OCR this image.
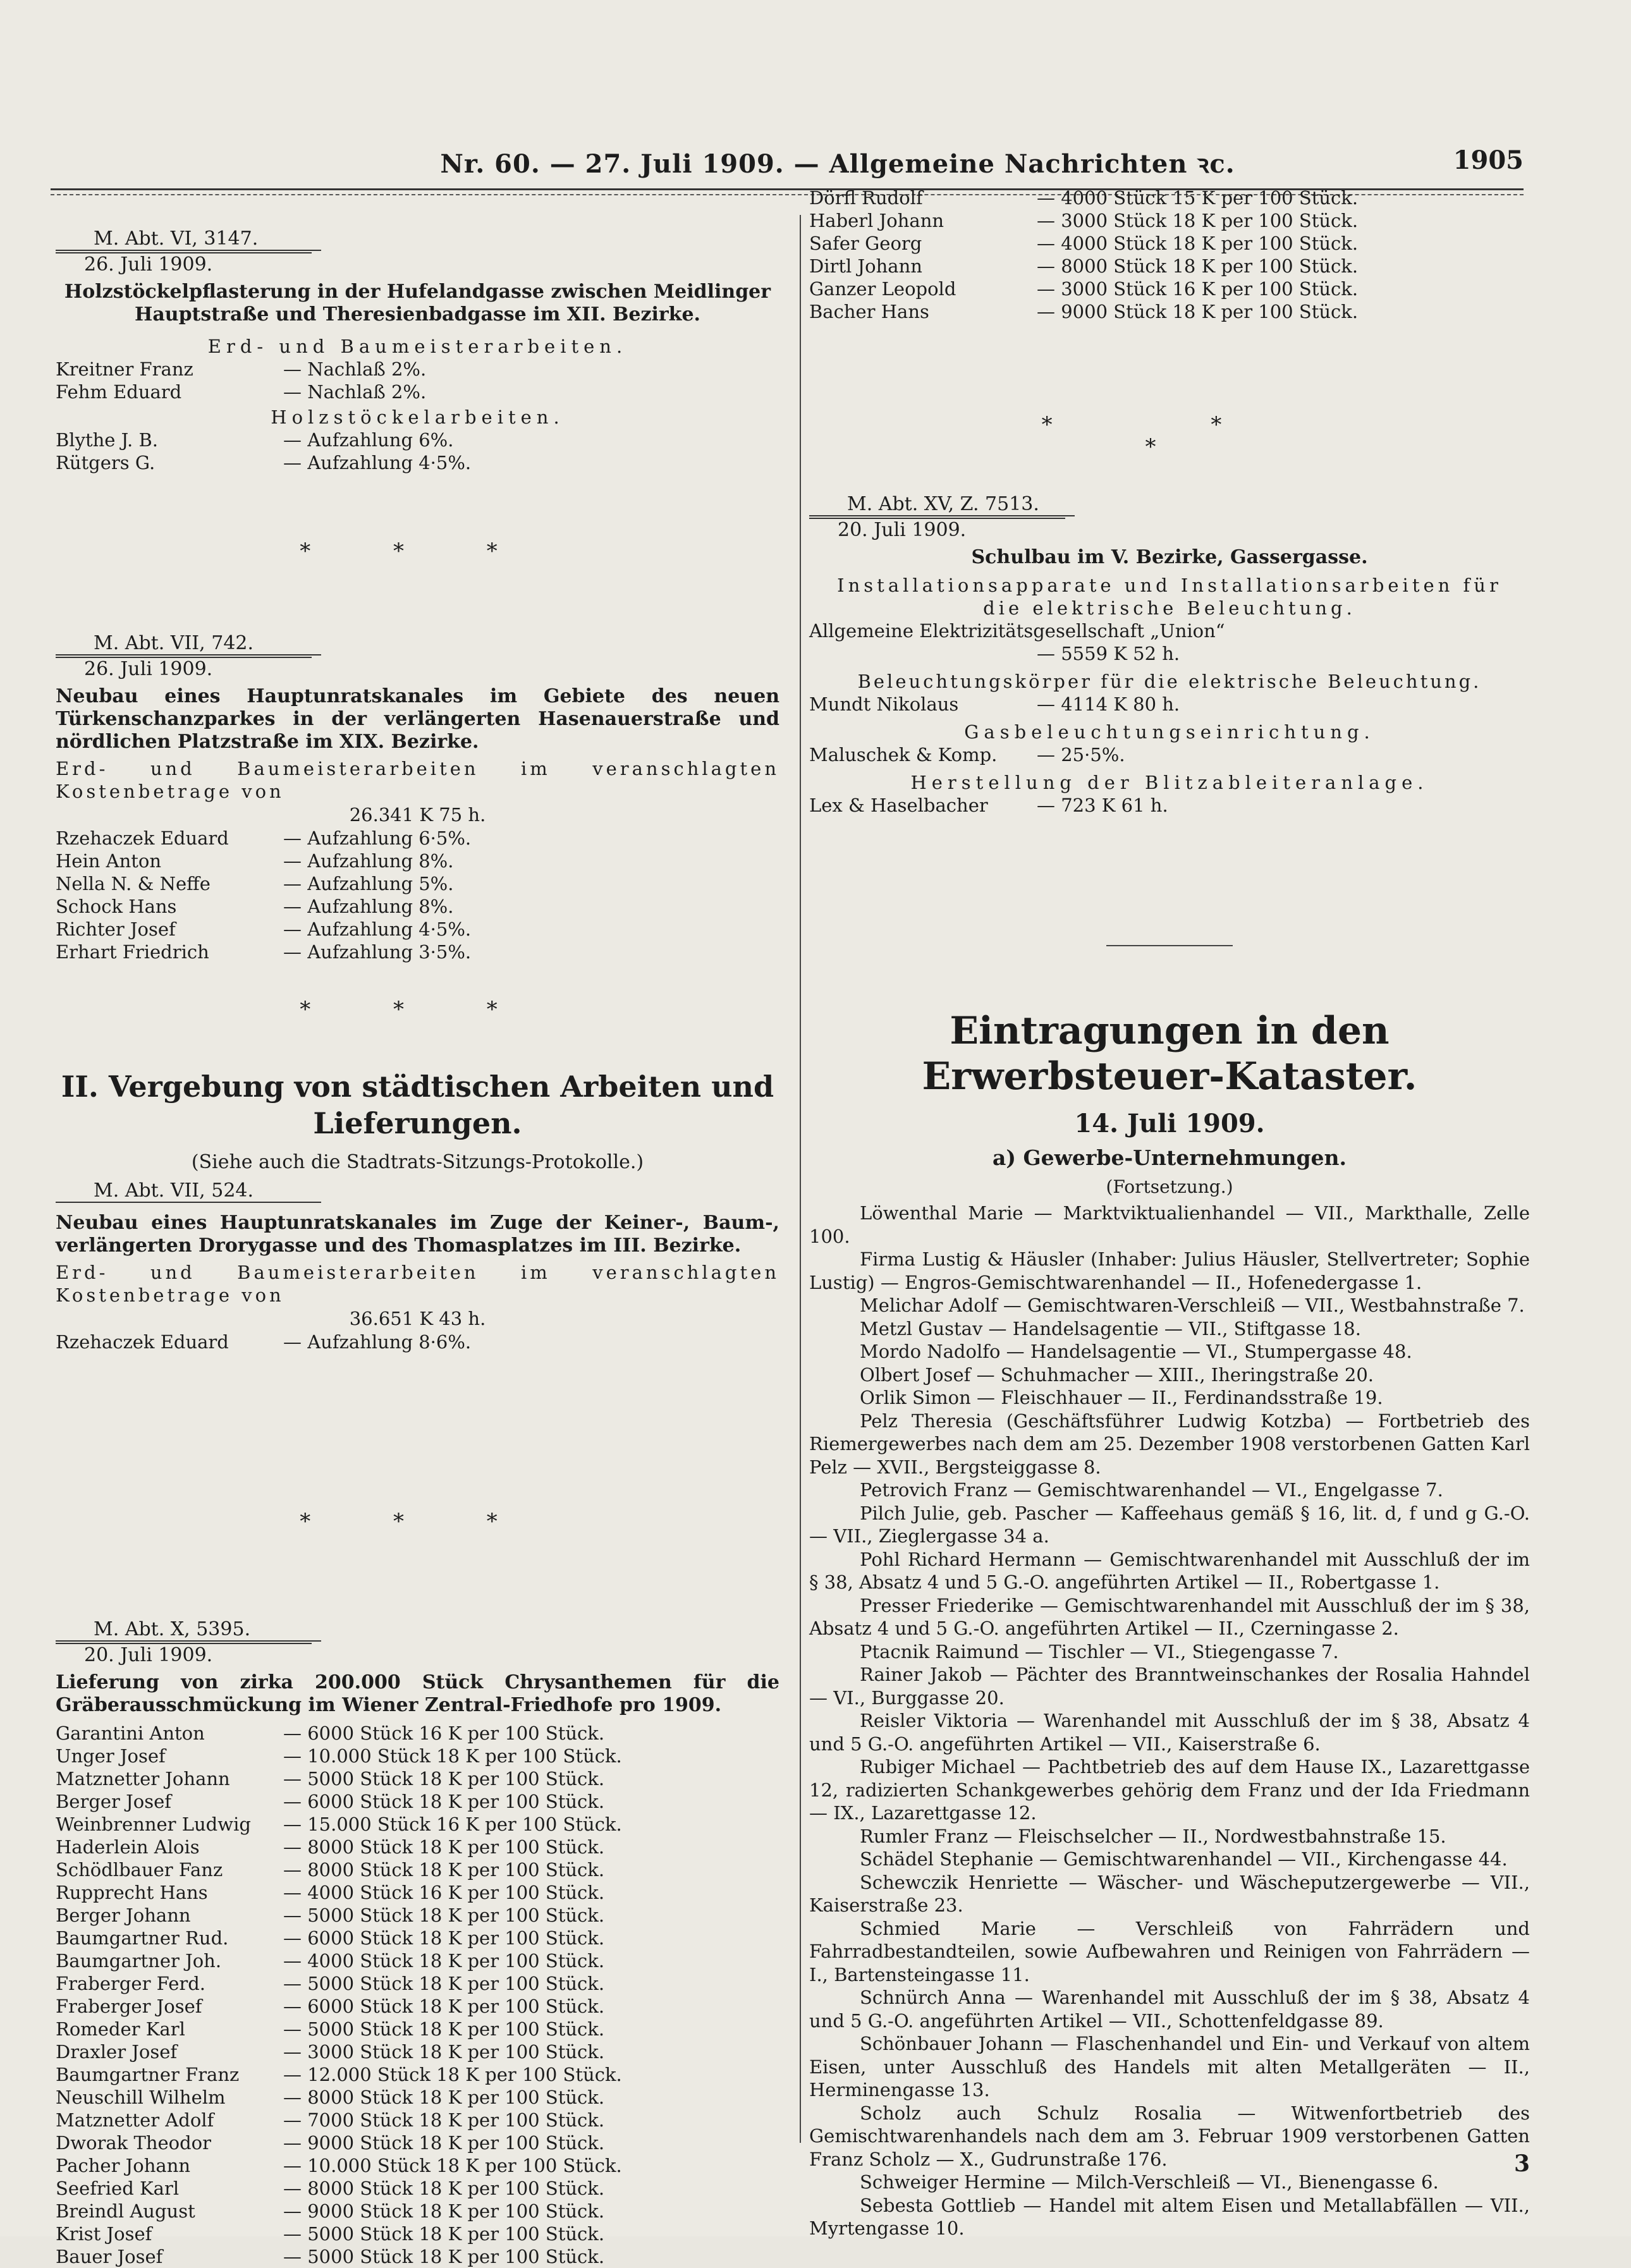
Nr. 60. — 27. Juli 1909. — Allgemeine Nachrichten ꝛc.	1905
M. Abt. VI, 3147.
26. Juli 1909.
Holzstöckelpflasterung in der Hufelandgasse zwischen Meidlinger Hauptstraße und Theresienbadgasse im XII. Bezirke.
Erd- und Baumeisterarbeiten.
Kreitner Franz	— Nachlaß 2%.
Fehm Eduard	— Nachlaß 2%.
Holzstöckelarbeiten.
Blythe J. B.	— Aufzahlung 6%.
Rütgers G.	— Aufzahlung 4·5%.
* * *
M. Abt. VII, 742.
26. Juli 1909.
Neubau eines Hauptunratskanales im Gebiete des neuen Türkenschanzparkes in der verlängerten Hasenauerstraße und nördlichen Platzstraße im XIX. Bezirke.
Erd- und Baumeisterarbeiten im veranschlagten Kostenbetrage von
26.341 K 75 h.
Rzehaczek Eduard	— Aufzahlung 6·5%.
Hein Anton	— Aufzahlung 8%.
Nella N. & Neffe	— Aufzahlung 5%.
Schock Hans	— Aufzahlung 8%.
Richter Josef	— Aufzahlung 4·5%.
Erhart Friedrich	— Aufzahlung 3·5%.
* * *
II. Vergebung von städtischen Arbeiten und Lieferungen.
(Siehe auch die Stadtrats-Sitzungs-Protokolle.)
M. Abt. VII, 524.
Neubau eines Hauptunratskanales im Zuge der Keiner-, Baum-, verlängerten Drorygasse und des Thomasplatzes im III. Bezirke.
Erd- und Baumeisterarbeiten im veranschlagten Kostenbetrage von
36.651 K 43 h.
Rzehaczek Eduard	— Aufzahlung 8·6%.
* * *
M. Abt. X, 5395.
20. Juli 1909.
Lieferung von zirka 200.000 Stück Chrysanthemen für die Gräberausschmückung im Wiener Zentral-Friedhofe pro 1909.
Garantini Anton	— 6000 Stück 16 K per 100 Stück.
Unger Josef	— 10.000 Stück 18 K per 100 Stück.
Matznetter Johann	— 5000 Stück 18 K per 100 Stück.
Berger Josef	— 6000 Stück 18 K per 100 Stück.
Weinbrenner Ludwig	— 15.000 Stück 16 K per 100 Stück.
Haderlein Alois	— 8000 Stück 18 K per 100 Stück.
Schödlbauer Fanz	— 8000 Stück 18 K per 100 Stück.
Rupprecht Hans	— 4000 Stück 16 K per 100 Stück.
Berger Johann	— 5000 Stück 18 K per 100 Stück.
Baumgartner Rud.	— 6000 Stück 18 K per 100 Stück.
Baumgartner Joh.	— 4000 Stück 18 K per 100 Stück.
Fraberger Ferd.	— 5000 Stück 18 K per 100 Stück.
Fraberger Josef	— 6000 Stück 18 K per 100 Stück.
Romeder Karl	— 5000 Stück 18 K per 100 Stück.
Draxler Josef	— 3000 Stück 18 K per 100 Stück.
Baumgartner Franz	— 12.000 Stück 18 K per 100 Stück.
Neuschill Wilhelm	— 8000 Stück 18 K per 100 Stück.
Matznetter Adolf	— 7000 Stück 18 K per 100 Stück.
Dworak Theodor	— 9000 Stück 18 K per 100 Stück.
Pacher Johann	— 10.000 Stück 18 K per 100 Stück.
Seefried Karl	— 8000 Stück 18 K per 100 Stück.
Breindl August	— 9000 Stück 18 K per 100 Stück.
Krist Josef	— 5000 Stück 18 K per 100 Stück.
Bauer Josef	— 5000 Stück 18 K per 100 Stück.
Dörfl Rudolf	— 4000 Stück 15 K per 100 Stück.
Haberl Johann	— 3000 Stück 18 K per 100 Stück.
Safer Georg	— 4000 Stück 18 K per 100 Stück.
Dirtl Johann	— 8000 Stück 18 K per 100 Stück.
Ganzer Leopold	— 3000 Stück 16 K per 100 Stück.
Bacher Hans	— 9000 Stück 18 K per 100 Stück.
* *
*
M. Abt. XV, Z. 7513.
20. Juli 1909.
Schulbau im V. Bezirke, Gassergasse.
Installationsapparate und Installationsarbeiten für
die elektrische Beleuchtung.
Allgemeine Elektrizitätsgesellschaft „Union“
— 5559 K 52 h.
Beleuchtungskörper für die elektrische Beleuchtung.
Mundt Nikolaus	— 4114 K 80 h.
Gasbeleuchtungseinrichtung.
Maluschek & Komp.	— 25·5%.
Herstellung der Blitzableiteranlage.
Lex & Haselbacher	— 723 K 61 h.
Eintragungen in den Erwerbsteuer-Kataster.
14. Juli 1909.
a) Gewerbe-Unternehmungen.
(Fortsetzung.)
Löwenthal Marie — Marktviktualienhandel — VII., Markthalle, Zelle 100.
Firma Lustig & Häusler (Inhaber: Julius Häusler, Stellvertreter; Sophie Lustig) — Engros-Gemischtwarenhandel — II., Hofenedergasse 1.
Melichar Adolf — Gemischtwaren-Verschleiß — VII., Westbahnstraße 7.
Metzl Gustav — Handelsagentie — VII., Stiftgasse 18.
Mordo Nadolfo — Handelsagentie — VI., Stumpergasse 48.
Olbert Josef — Schuhmacher — XIII., Iheringstraße 20.
Orlik Simon — Fleischhauer — II., Ferdinandsstraße 19.
Pelz Theresia (Geschäftsführer Ludwig Kotzba) — Fortbetrieb des Riemergewerbes nach dem am 25. Dezember 1908 verstorbenen Gatten Karl Pelz — XVII., Bergsteiggasse 8.
Petrovich Franz — Gemischtwarenhandel — VI., Engelgasse 7.
Pilch Julie, geb. Pascher — Kaffeehaus gemäß § 16, lit. d, f und g G.-O. — VII., Zieglergasse 34 a.
Pohl Richard Hermann — Gemischtwarenhandel mit Ausschluß der im § 38, Absatz 4 und 5 G.-O. angeführten Artikel — II., Robertgasse 1.
Presser Friederike — Gemischtwarenhandel mit Ausschluß der im § 38, Absatz 4 und 5 G.-O. angeführten Artikel — II., Czerningasse 2.
Ptacnik Raimund — Tischler — VI., Stiegengasse 7.
Rainer Jakob — Pächter des Branntweinschankes der Rosalia Hahndel — VI., Burggasse 20.
Reisler Viktoria — Warenhandel mit Ausschluß der im § 38, Absatz 4 und 5 G.-O. angeführten Artikel — VII., Kaiserstraße 6.
Rubiger Michael — Pachtbetrieb des auf dem Hause IX., Lazarettgasse 12, radizierten Schankgewerbes gehörig dem Franz und der Ida Friedmann — IX., Lazarettgasse 12.
Rumler Franz — Fleischselcher — II., Nordwestbahnstraße 15.
Schädel Stephanie — Gemischtwarenhandel — VII., Kirchengasse 44.
Schewczik Henriette — Wäscher- und Wäscheputzergewerbe — VII., Kaiserstraße 23.
Schmied Marie — Verschleiß von Fahrrädern und Fahrradbestandteilen, sowie Aufbewahren und Reinigen von Fahrrädern — I., Bartensteingasse 11.
Schnürch Anna — Warenhandel mit Ausschluß der im § 38, Absatz 4 und 5 G.-O. angeführten Artikel — VII., Schottenfeldgasse 89.
Schönbauer Johann — Flaschenhandel und Ein- und Verkauf von altem Eisen, unter Ausschluß des Handels mit alten Metallgeräten — II., Herminengasse 13.
Scholz auch Schulz Rosalia — Witwenfortbetrieb des Gemischtwarenhandels nach dem am 3. Februar 1909 verstorbenen Gatten Franz Scholz — X., Gudrunstraße 176.
Schweiger Hermine — Milch-Verschleiß — VI., Bienengasse 6.
Sebesta Gottlieb — Handel mit altem Eisen und Metallabfällen — VII., Myrtengasse 10.
3
